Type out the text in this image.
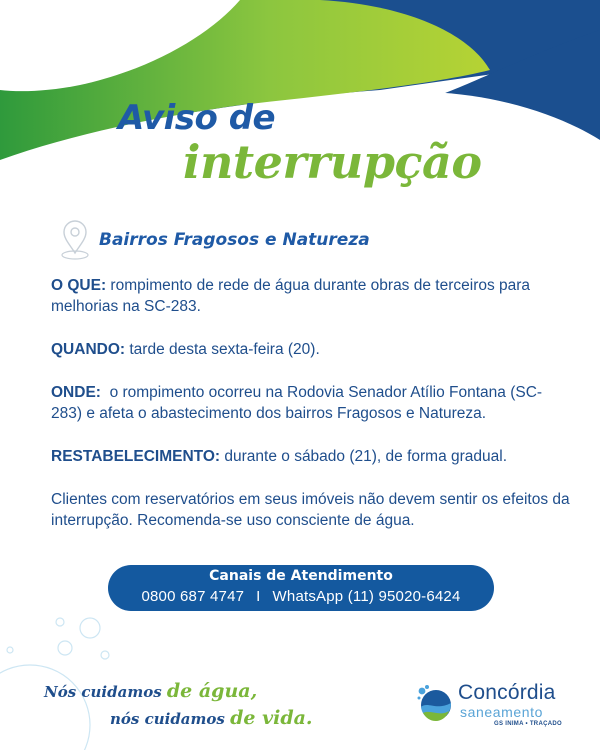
Aviso de
interrupção

Bairros Fragosos e Natureza

O QUE: rompimento de rede de água durante obras de terceiros para melhorias na SC-283.

QUANDO: tarde desta sexta-feira (20).

ONDE:  o rompimento ocorreu na Rodovia Senador Atílio Fontana (SC-283) e afeta o abastecimento dos bairros Fragosos e Natureza.

RESTABELECIMENTO: durante o sábado (21), de forma gradual.

Clientes com reservatórios em seus imóveis não devem sentir os efeitos da interrupção. Recomenda-se uso consciente de água.

Canais de Atendimento
0800 687 4747 I WhatsApp (11) 95020-6424

Nós cuidamos de água,

nós cuidamos de vida.

Concórdia

saneamento

GS INIMA • TRAÇADO
